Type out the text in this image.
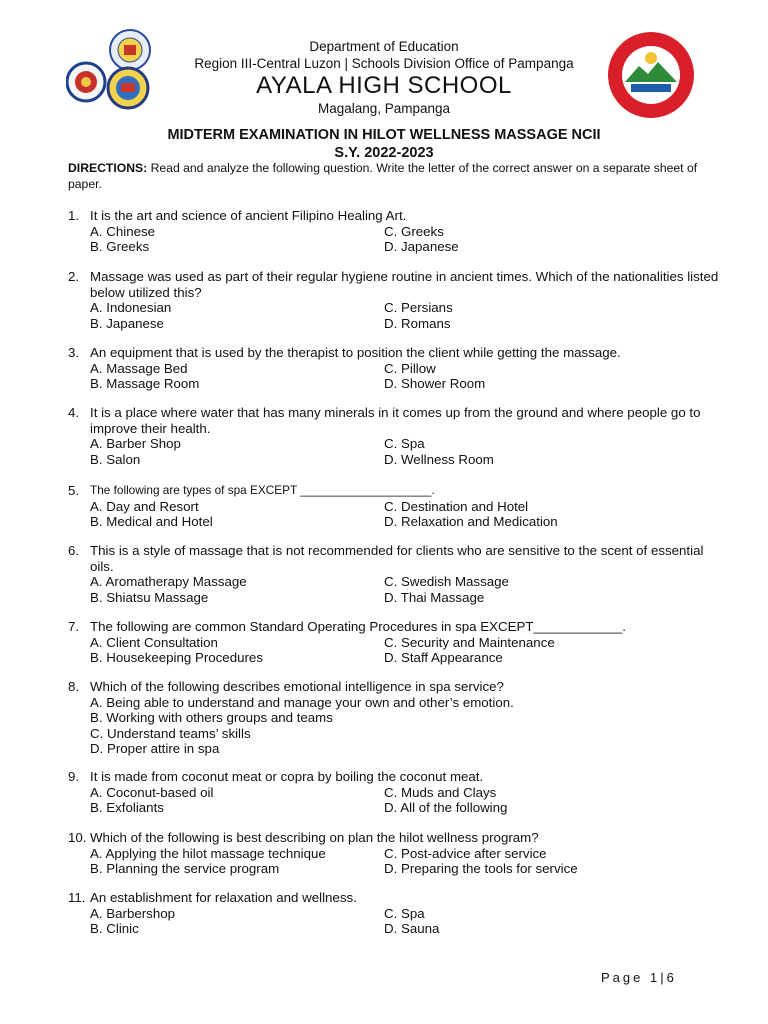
Department of Education
Region III-Central Luzon | Schools Division Office of Pampanga
AYALA HIGH SCHOOL
Magalang, Pampanga
MIDTERM EXAMINATION IN HILOT WELLNESS MASSAGE NCII
S.Y. 2022-2023
DIRECTIONS: Read and analyze the following question. Write the letter of the correct answer on a separate sheet of paper.
1. It is the art and science of ancient Filipino Healing Art.
A. Chinese	C. Greeks
B. Greeks	D. Japanese
2. Massage was used as part of their regular hygiene routine in ancient times. Which of the nationalities listed below utilized this?
A. Indonesian	C. Persians
B. Japanese	D. Romans
3. An equipment that is used by the therapist to position the client while getting the massage.
A. Massage Bed	C. Pillow
B. Massage Room	D. Shower Room
4. It is a place where water that has many minerals in it comes up from the ground and where people go to improve their health.
A. Barber Shop	C. Spa
B. Salon	D. Wellness Room
5. The following are types of spa EXCEPT ____________________.
A. Day and Resort	C. Destination and Hotel
B. Medical and Hotel	D. Relaxation and Medication
6. This is a style of massage that is not recommended for clients who are sensitive to the scent of essential oils.
A. Aromatherapy Massage	C. Swedish Massage
B. Shiatsu Massage	D. Thai Massage
7. The following are common Standard Operating Procedures in spa EXCEPT____________.
A. Client Consultation	C. Security and Maintenance
B. Housekeeping Procedures	D. Staff Appearance
8. Which of the following describes emotional intelligence in spa service?
A. Being able to understand and manage your own and other’s emotion.
B. Working with others groups and teams
C. Understand teams’ skills
D. Proper attire in spa
9. It is made from coconut meat or copra by boiling the coconut meat.
A. Coconut-based oil	C. Muds and Clays
B. Exfoliants	D. All of the following
10. Which of the following is best describing on plan the hilot wellness program?
A. Applying the hilot massage technique	C. Post-advice after service
B. Planning the service program	D. Preparing the tools for service
11. An establishment for relaxation and wellness.
A. Barbershop	C. Spa
B. Clinic	D. Sauna
Page 1|6
